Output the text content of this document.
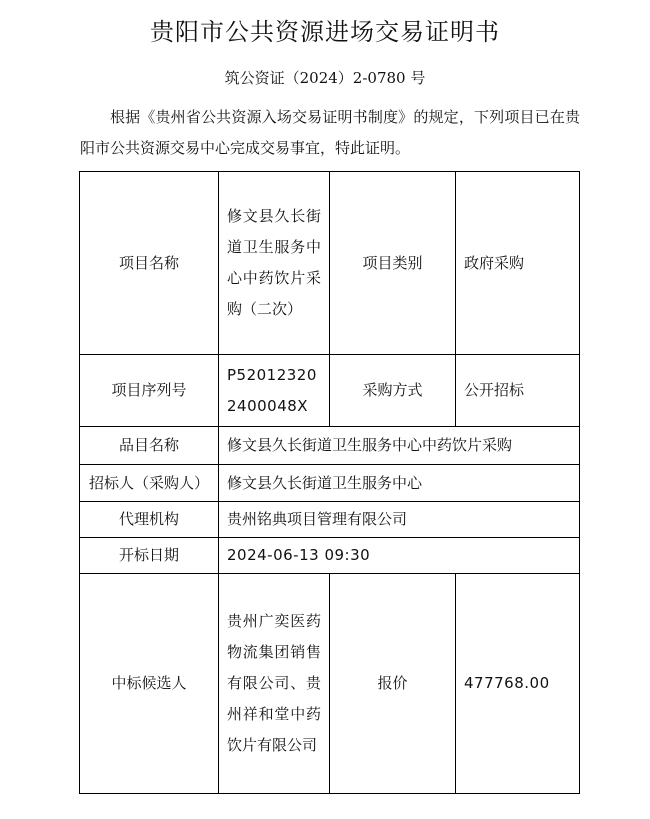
贵阳市公共资源进场交易证明书
筑公资证（2024）2-0780 号
根据《贵州省公共资源入场交易证明书制度》的规定，下列项目已在贵阳市公共资源交易中心完成交易事宜，特此证明。
项目名称	修文县久长街道卫生服务中心中药饮片采购（二次）	项目类别	政府采购
项目序列号	P520123202400048X	采购方式	公开招标
品目名称	修文县久长街道卫生服务中心中药饮片采购		
招标人（采购人）	修文县久长街道卫生服务中心		
代理机构	贵州铭典项目管理有限公司		
开标日期	2024-06-13 09:30		
中标候选人	贵州广奕医药物流集团销售有限公司、贵州祥和堂中药饮片有限公司	报价	477768.00
